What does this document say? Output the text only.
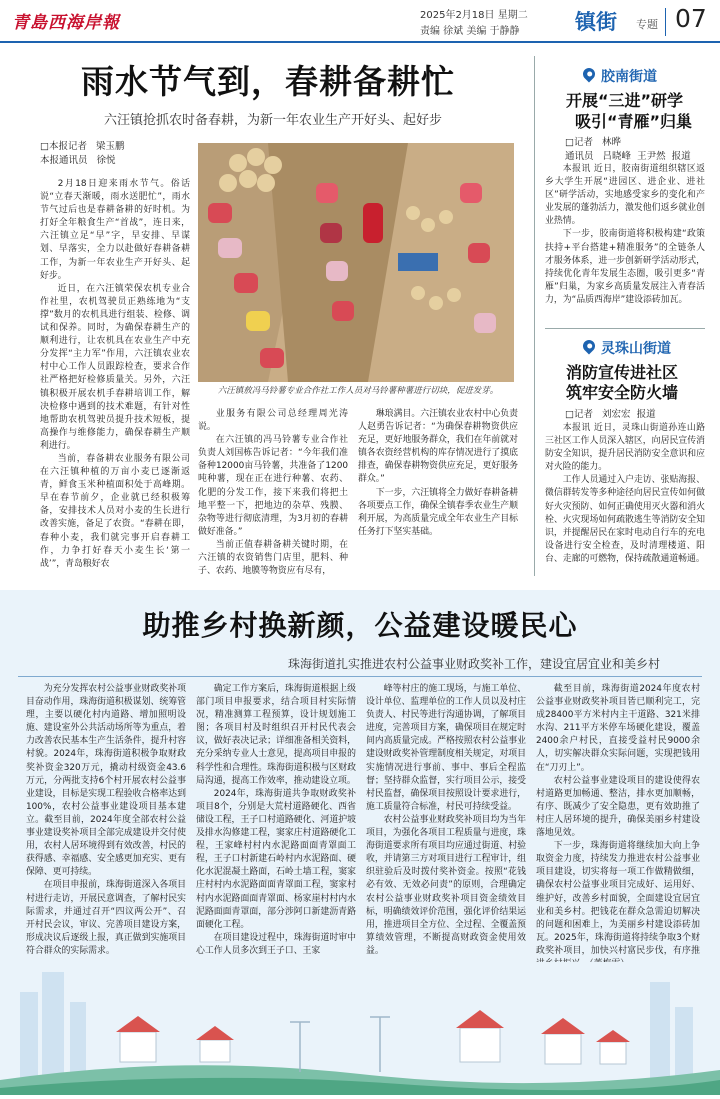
青島西海岸報	2025年2月18日 星期二
责编 徐斌 美编 于静静	镇街 专题 07
雨水节气到，春耕备耕忙
六汪镇抢抓农时备春耕，为新一年农业生产开好头、起好步
□本报记者   梁玉鹏
本报通讯员   徐悦
2月18日迎来雨水节气。俗话说“立春天渐暖，雨水送肥忙”，雨水节气过后也是春耕备耕的好时机。为打好全年粮食生产“首战”，连日来，六汪镇立足“早”字，早安排、早谋划、早落实，全力以赴做好春耕备耕工作，为新一年农业生产开好头、起好步。
近日，在六汪镇荣保农机专业合作社里，农机驾驶员正熟练地为“支撑”数月的农机具进行组装、检修、调试和保养。同时，为确保春耕生产的顺利进行，让农机具在农业生产中充分发挥“主力军”作用，六汪镇农业农村中心工作人员跟踪检查，要求合作社严格把好检修质量关。另外，六汪镇积极开展农机手春耕培训工作，解决检修中遇到的技术难题，有针对性地帮助农机驾驶员提升技术短板，提高操作与维修能力，确保春耕生产顺利进行。
当前，春备耕农业服务有限公司在六汪镇种植的万亩小麦已逐渐返青，鲜食玉米种植面积处于高峰期。早在春节前夕，企业就已经积极筹备，安排技术人员对小麦的生长进行改善实施，备足了农资。“春耕在即，春种小麦，我们就完事开启春耕工作，力争打好春天小麦生长‘第一战’”，青岛粮好农
六汪镇敖冯马铃薯专业合作社工作人员对马铃薯种薯进行切块，促进发芽。
业服务有限公司总经理周光涛说。
在六汪镇的冯马铃薯专业合作社负责人刘国栋告诉记者：“今年我们准备种12000亩马铃薯，共准备了1200吨种薯，现在正在进行种薯、农药、化肥的分发工作，接下来我们将把土地平整一下，把地边的杂草、残膜、杂物等进行彻底清理，为3月初的春耕做好准备。”
当前正值春耕备耕关键时期，在六汪镇的农资销售门店里，肥料、种子、农药、地膜等物资应有尽有，
琳琅满目。六汪镇农业农村中心负责人赵勇告诉记者：“为确保春耕物资供应充足，更好地服务群众，我们在年前就对镇各农资经营机构的库存情况进行了摸底排查，确保春耕物资供应充足，更好服务群众。”
下一步，六汪镇将全力做好春耕备耕各项要点工作，确保全镇春季农业生产顺利开展，为高质量完成全年农业生产目标任务打下坚实基础。
胶南街道
开展“三进”研学
吸引“青雁”归巢
□记者   林晔
通讯员   吕晓峰  王尹然  报道
本报讯 近日，胶南街道组织辖区返乡大学生开展“进园区、进企业、进社区”研学活动，实地感受家乡的变化和产业发展的蓬勃活力，激发他们返乡就业创业热情。
下一步，胶南街道将积极构建“政策扶持+平台搭建+精准服务”的全链条人才服务体系，进一步创新研学活动形式，持续优化青年发展生态圈，吸引更多“青雁”归巢，为家乡高质量发展注入青春活力，为“品质西海岸”建设添砖加瓦。
灵珠山街道
消防宣传进社区
筑牢安全防火墙
□记者   刘宏宏  报道
本报讯 近日，灵珠山街道孙连山路三社区工作人员深入辖区，向居民宣传消防安全知识，提升居民消防安全意识和应对火险的能力。
工作人员通过入户走访、张贴海报、微信群转发等多种途径向居民宣传如何做好火灾预防、如何正确使用灭火器和消火栓、火灾现场如何疏散逃生等消防安全知识，并提醒居民在家时电动自行车的充电设备进行安全检查，及时清理楼道、阳台、走廊的可燃物，保持疏散通道畅通。
助推乡村换新颜，公益建设暖民心
珠海街道扎实推进农村公益事业财政奖补工作，建设宜居宜业和美乡村
为充分发挥农村公益事业财政奖补项目奋动作用，珠海街道积极谋划、统筹管理，主要以硬化村内道路、增加照明设施、建设室外公共活动场所等为重点，着力改善农民基本生产生活条件，提升村容村貌。2024年，珠海街道积极争取财政奖补资金320万元，撬动村级资金43.6万元，分两批支持6个村开展农村公益事业建设，目标是实现工程验收合格率达到100%，农村公益事业建设项目基本建立。截至目前，2024年度全部农村公益事业建设奖补项目全部完成建设并交付使用，农村人居环境得到有效改善，村民的获得感、幸福感、安全感更加充实、更有保障、更可持续。
在项目申报前，珠海街道深入各项目村进行走访，开展民意调查，了解村民实际需求，并通过召开“四议两公开”、召开村民会议，审议、完善项目建设方案，形成决议后逐级上报，真正做到实施项目符合群众的实际需求。
确定工作方案后，珠海街道根据上级部门项目申报要求，结合项目村实际情况，精准测算工程预算，设计规划施工图；各项目村及时组织召开村民代表会议，做好表决记录；详细准备相关资料，充分采纳专业人士意见，提高项目申报的科学性和合理性。珠海街道积极与区财政局沟通，提高工作效率，推动建设立项。
2024年，珠海街道共争取财政奖补项目8个，分别是大荒村道路硬化、西省储设工程，王子口村道路硬化、河道护坡及排水沟修建工程，窦家庄村道路硬化工程，王家峰村村内水泥路面面青罩面工程，王子口村新建石岭村内水泥路面、硬化水泥混凝土路面，石岭土墙工程，窦家庄村村内水泥路面面青罩面工程，窦家村村内水泥路面面青罩面、杨家崖村村内水泥路面面青罩面，部分涉阿口新建沥青路面硬化工程。
在项目建设过程中，珠海街道时审中心工作人员多次到王子口、王家
峰等村庄的施工现场，与施工单位、设计单位、监理单位的工作人员以及村庄负责人、村民等进行沟通协调，了解项目进度，完善项目方案，确保项目在规定时间内高质量完成。严格按照农村公益事业建设财政奖补管理制度相关规定，对项目实施情况进行事前、事中、事后全程监督；坚持群众监督，实行项目公示，接受村民监督，确保项目按照设计要求进行，施工质量符合标准，村民可持续受益。
农村公益事业财政奖补项目均为当年项目，为强化各项目工程质量与进度，珠海街道要求所有项目均应通过街道、村验收，并请第三方对项目进行工程审计，组织驻验后及时拨付奖补资金。按照“花钱必有效、无效必问责”的原则，合理确定农村公益事业财政奖补项目资金绩效目标，明确绩效评价范围，强化评价结果运用，推进项目全方位、全过程、全覆盖预算绩效管理，不断提高财政资金使用效益。
截至目前，珠海街道2024年度农村公益事业财政奖补项目皆已顺利完工，完成28400平方米村内主干道路、321米排水沟、211平方米停车场硬化建设，覆盖2400余户村民，直接受益村民9000余人，切实解决群众实际问题，实现把钱用在“刀刃上”。
农村公益事业建设项目的建设使得农村道路更加畅通、整洁，排水更加顺畅，有序、既减少了安全隐患，更有效助推了村庄人居环境的提升，确保美丽乡村建设落地见效。
下一步，珠海街道将继续加大向上争取资金力度，持续发力推进农村公益事业项目建设，切实将每一项工作做精做细，确保农村公益事业项目完成好、运用好、维护好，改善乡村面貌，全面建设宜居宜业和美乡村。把钱花在群众急需迫切解决的问题和困难上，为美丽乡村建设添砖加瓦。2025年，珠海街道将持续争取3个财政奖补项目，加快兴村富民步伐，有序推
